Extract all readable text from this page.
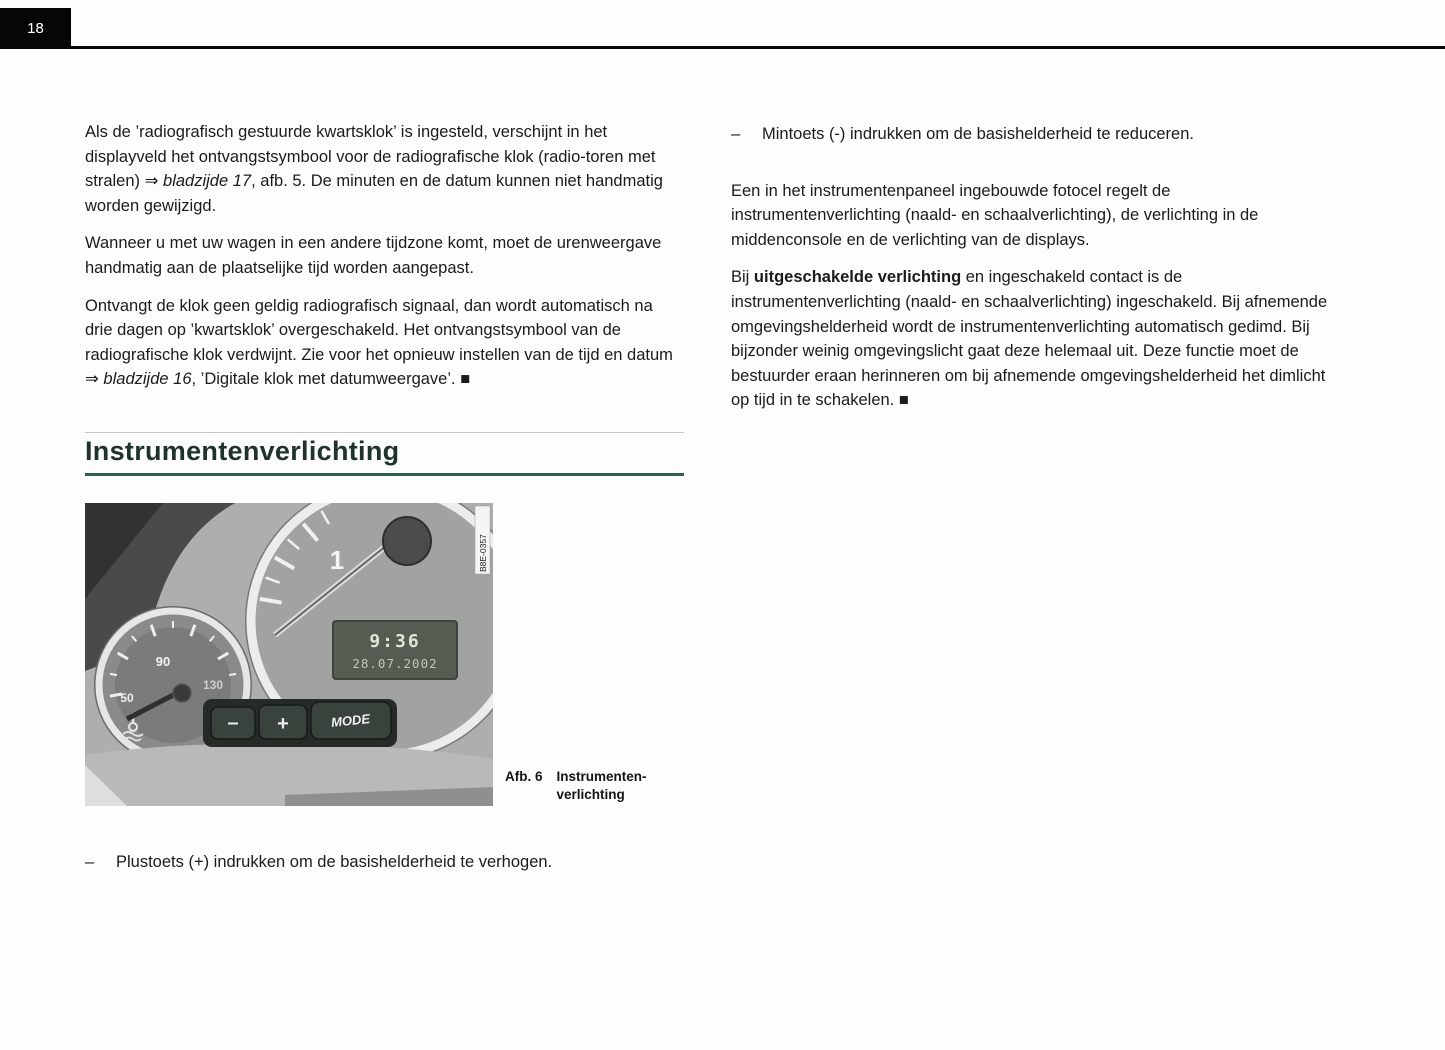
18

Als de ’radiografisch gestuurde kwartsklok’ is ingesteld, verschijnt in het displayveld het ontvangstsymbool voor de radiografische klok (radio-toren met stralen) ⇒ bladzijde 17, afb. 5. De minuten en de datum kunnen niet handmatig worden gewijzigd.

Wanneer u met uw wagen in een andere tijdzone komt, moet de urenweergave handmatig aan de plaatselijke tijd worden aangepast.

Ontvangt de klok geen geldig radiografisch signaal, dan wordt automatisch na drie dagen op ’kwartsklok’ overgeschakeld. Het ontvangstsymbool van de radiografische klok verdwijnt. Zie voor het opnieuw instellen van de tijd en datum ⇒ bladzijde 16, ’Digitale klok met datumweergave’. ■

Instrumentenverlichting
1
50
90
130
9:36
28.07.2002
– +	MODE
B8E-0357
Afb. 6 Instrumenten-
verlichting
–	Plustoets (+) indrukken om de basishelderheid te verhogen.
–	Mintoets (-) indrukken om de basishelderheid te reduceren.

Een in het instrumentenpaneel ingebouwde fotocel regelt de instrumentenverlichting (naald- en schaalverlichting), de verlichting in de middenconsole en de verlichting van de displays.

Bij uitgeschakelde verlichting en ingeschakeld contact is de instrumentenverlichting (naald- en schaalverlichting) ingeschakeld. Bij afnemende omgevingshelderheid wordt de instrumentenverlichting automatisch gedimd. Bij bijzonder weinig omgevingslicht gaat deze helemaal uit. Deze functie moet de bestuurder eraan herinneren om bij afnemende omgevingshelderheid het dimlicht op tijd in te schakelen. ■
